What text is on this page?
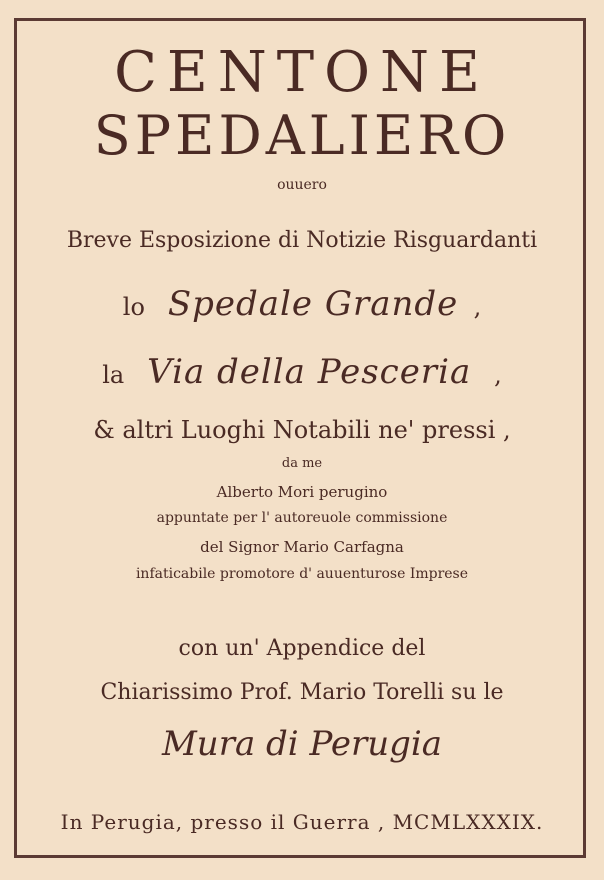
CENTONE
SPEDALIERO
ouuero
Breve Esposizione di Notizie Risguardanti
lo Spedale Grande ,
la Via della Pesceria ,
& altri Luoghi Notabili ne' pressi ,
da me
Alberto Mori perugino
appuntate per l' autoreuole commissione
del Signor Mario Carfagna
infaticabile promotore d' auuenturose Imprese
con un' Appendice del
Chiarissimo Prof. Mario Torelli su le
Mura di Perugia
In Perugia, presso il Guerra , MCMLXXXIX.
